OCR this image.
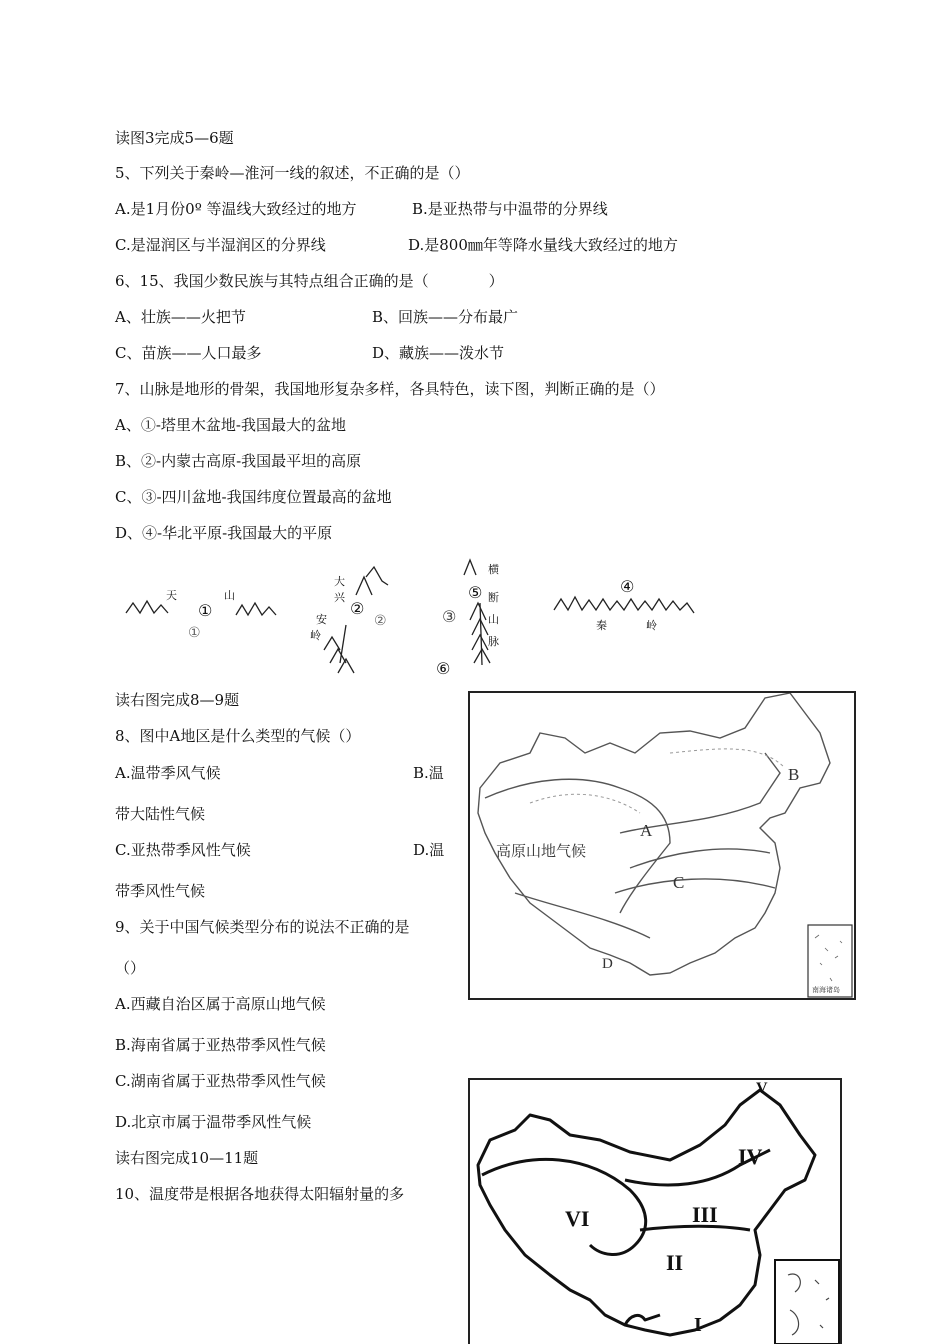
读图3完成5—6题
5、下列关于秦岭—淮河一线的叙述，不正确的是（）
A.是1月份0º 等温线大致经过的地方	B.是亚热带与中温带的分界线
C.是湿润区与半湿润区的分界线	D.是800㎜年等降水量线大致经过的地方
6、15、我国少数民族与其特点组合正确的是（　　　　）
A、壮族——火把节	B、回族——分布最广
C、苗族——人口最多	D、藏族——泼水节
7、山脉是地形的骨架，我国地形复杂多样，各具特色，读下图，判断正确的是（）
A、①-塔里木盆地-我国最大的盆地
B、②-内蒙古高原-我国最平坦的高原
C、③-四川盆地-我国纬度位置最高的盆地
D、④-华北平原-我国最大的平原
天	山
①
①
大
兴
安
岭
②
②	③
④
⑤
⑥
横
断
山
脉
秦	岭
读右图完成8—9题
8、图中A地区是什么类型的气候（）
A.温带季风气候	B.温
带大陆性气候
C.亚热带季风性气候	D.温
带季风性气候
9、关于中国气候类型分布的说法不正确的是
（）
A.西藏自治区属于高原山地气候
B.海南省属于亚热带季风性气候
C.湖南省属于亚热带季风性气候
D.北京市属于温带季风性气候
读右图完成10—11题
10、温度带是根据各地获得太阳辐射量的多
A
B
C
D
高原山地气候
南海诸岛
IV
III
VI
II
V
I
